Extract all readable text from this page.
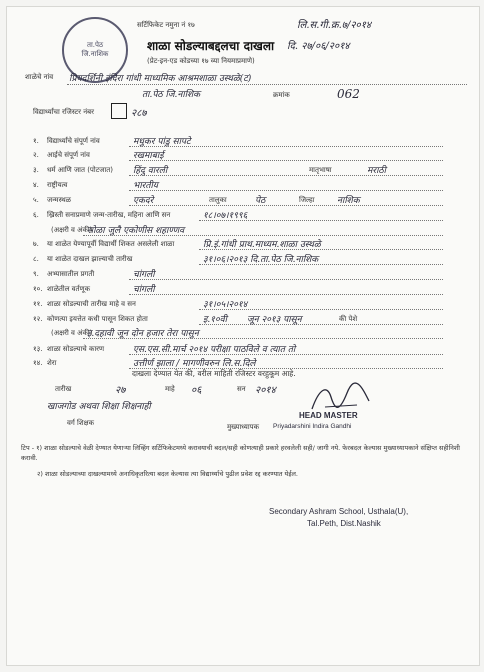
ता.पेठ जि.नाशिक
सर्टिफिकेट नमुना नं १७	लि.स.गी.क्र.७/२०१४
शाळा सोडल्याबद्दलचा दाखला दि. २७/०६/२०१४
(प्रेट-इन-एड कोडच्या १७ व्या नियमाप्रमाणे)
शाळेचे नांव प्रियदर्शिनी इंदिरा गांधी माध्यमिक आश्रमशाळा उस्थळे(ट)
ता.पेठ जि.नाशिक	क्रमांक	062
विद्यार्थ्यांचा रजिस्टर नंबर	२८७
१. विद्यार्थ्यांचे संपूर्ण नांव	मधुकर पांडु सापटे
२. आईचे संपूर्ण नांव	रखमाबाई
३. धर्म आणि जात (पोटजात) हिंदु वारली	मातृभाषा	मराठी
४. राष्ट्रीयत्व	भारतीय
५. जन्मस्थळ	एकदरे	तालुका	पेठ	जिल्हा नाशिक
६. ख्रिस्ती सनाप्रमाणे जन्म-तारीख, महिना आणि सन	१८।०७।१९९६
(अक्षरी व अंकी)
सोळा जुलै एकोणीस शहाण्णव
७. या शाळेत येण्यापूर्वी विद्यार्थी शिकत असलेली शाळा	प्रि.इं.गांधी प्राथ.माध्यम.शाळा उस्थळे
८. या शाळेत दाखल झाल्याची तारीख	३१।०६।२०१३ दि.ता.पेठ जि.नाशिक
९. अभ्यासातील प्रगती	चांगली
१०. शाळेतील वर्तणूक	चांगली
११. शाळा सोडल्याची तारीख माहे व सन	३१।०५।२०१४
१२. कोणत्या इयत्तेत कधी पासून शिकत होता	इ.१०वी जून २०१३ पासून	की पेशे
(अक्षरी व अंकी)
इ.दहावी जून दोन हजार तेरा पासुन
१३. शाळा सोडल्याचे कारण	एस.एस.सी.मार्च २०१४ परीक्षा पाठविले व त्यात तो
१४. शेरा	उत्तीर्ण झाला / मागणीवरुन लि.स.दिले
दाखला देण्यात येत की, वरील माहिती रजिस्टर वरहुकूम आहे.
तारीख	२७	माहे ०६	सन २०१४
खाजगोड अथवा शिक्षा शिक्षनाही
वर्ग शिक्षक
HEAD MASTER
मुख्याध्यापक Priyadarshini Indira Gandhi
टिप - १) शाळा सोडल्याचे वेळी देण्यात येणाऱ्या लिव्हिंग सर्टिफिकेटमध्ये करावयाची बदल/सही कोणत्याही प्रकारे हरवलेली सही/ जागी नये. फेरबदल केल्यास मुख्याध्यापकाने संक्षिप्त सहीनिशी करावी.
२) शाळा सोडल्याच्या दाखल्यामध्ये अनाधिकृतरित्या बदल केल्यास त्या विद्यार्थ्याचे पुढील प्रवेश रद्द करण्यात येईल.
Secondary Ashram School, Usthala(U),
Tal.Peth, Dist.Nashik
